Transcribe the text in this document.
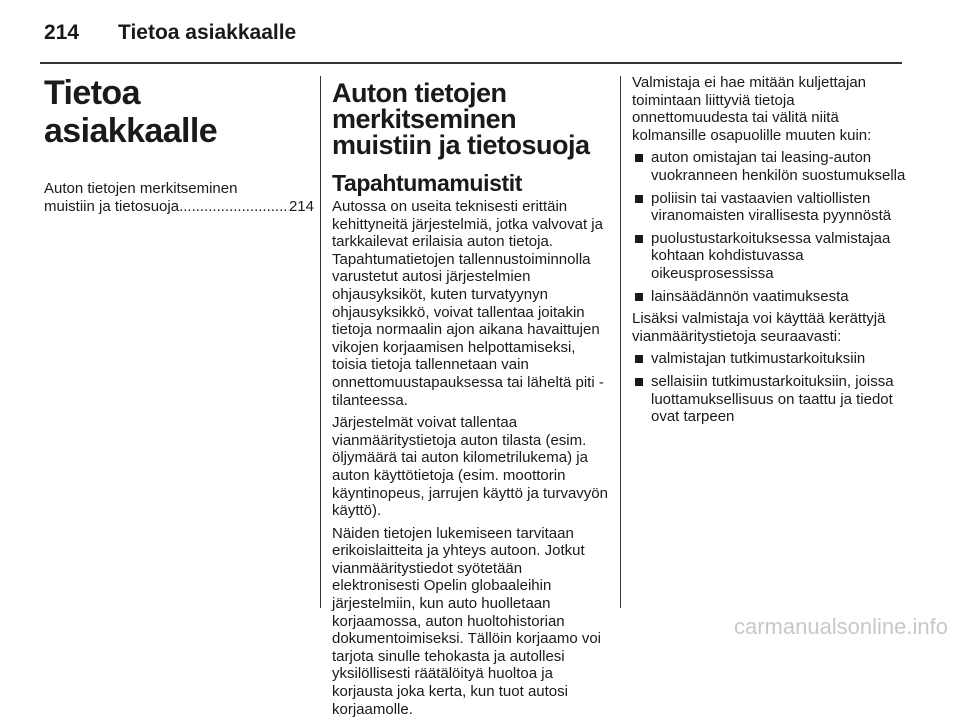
214 Tietoa asiakkaalle
Tietoa asiakkaalle
Auton tietojen merkitseminen
muistiin ja tietosuoja
.....	214
Auton tietojen merkitseminen muistiin ja tietosuoja
Tapahtumamuistit

Autossa on useita teknisesti erittäin kehittyneitä järjestelmiä, jotka valvovat ja tarkkailevat erilaisia auton tietoja. Tapahtumatietojen tallennustoiminnolla varustetut autosi järjestelmien ohjausyksiköt, kuten turvatyynyn ohjausyksikkö, voivat tallentaa joitakin tietoja normaalin ajon aikana havaittujen vikojen korjaamisen helpottamiseksi, toisia tietoja tallennetaan vain onnettomuustapauksessa tai läheltä piti -tilanteessa.

Järjestelmät voivat tallentaa vianmääritystietoja auton tilasta (esim. öljymäärä tai auton kilometrilukema) ja auton käyttötietoja (esim. moottorin käyntinopeus, jarrujen käyttö ja turvavyön käyttö).

Näiden tietojen lukemiseen tarvitaan erikoislaitteita ja yhteys autoon. Jotkut vianmääritystiedot syötetään elektronisesti Opelin globaaleihin järjestelmiin, kun auto huolletaan korjaamossa, auton huoltohistorian dokumentoimiseksi. Tällöin korjaamo voi tarjota sinulle tehokasta ja autollesi yksilöllisesti räätälöityä huoltoa ja korjausta joka kerta, kun tuot autosi korjaamolle.

Valmistaja ei hae mitään kuljettajan toimintaan liittyviä tietoja onnettomuudesta tai välitä niitä kolmansille osapuolille muuten kuin:

auton omistajan tai leasing-auton vuokranneen henkilön suostumuksella
poliisin tai vastaavien valtiollisten viranomaisten virallisesta pyynnöstä
puolustustarkoituksessa valmistajaa kohtaan kohdistuvassa oikeusprosessissa
lainsäädännön vaatimuksesta

Lisäksi valmistaja voi käyttää kerättyjä vianmääritystietoja seuraavasti:

valmistajan tutkimustarkoituksiin
sellaisiin tutkimustarkoituksiin, joissa luottamuksellisuus on taattu ja tiedot ovat tarpeen
carmanualsonline.info
